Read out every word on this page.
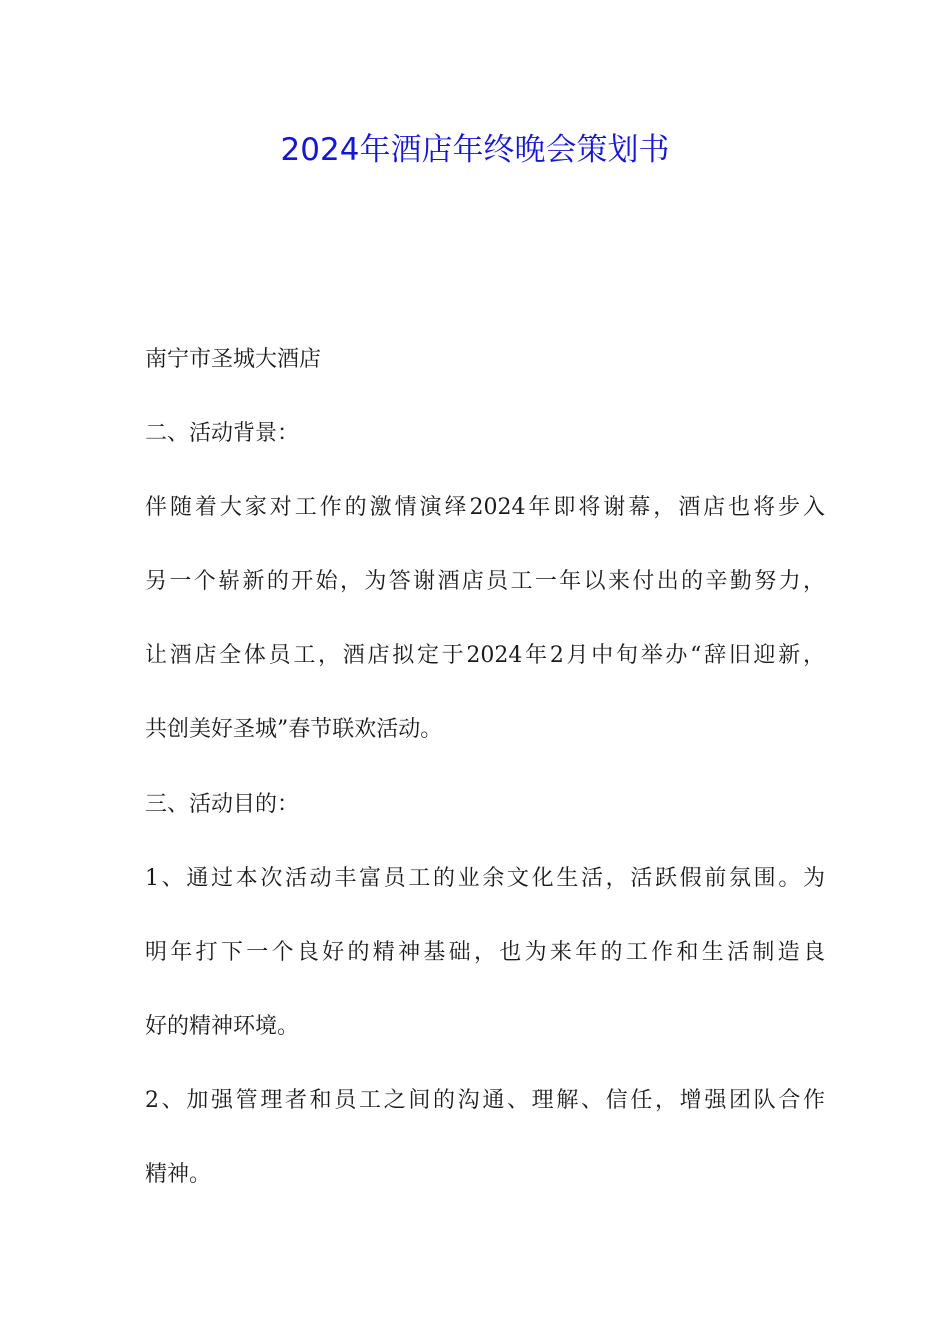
2024年酒店年终晚会策划书

南宁市圣城大酒店

二、活动背景：

伴随着大家对工作的激情演绎2024年即将谢幕，酒店也将步入

另一个崭新的开始，为答谢酒店员工一年以来付出的辛勤努力，

让酒店全体员工，酒店拟定于2024年2月中旬举办“辞旧迎新，

共创美好圣城”春节联欢活动。

三、活动目的：

1、通过本次活动丰富员工的业余文化生活，活跃假前氛围。为

明年打下一个良好的精神基础，也为来年的工作和生活制造良

好的精神环境。

2、加强管理者和员工之间的沟通、理解、信任，增强团队合作

精神。
